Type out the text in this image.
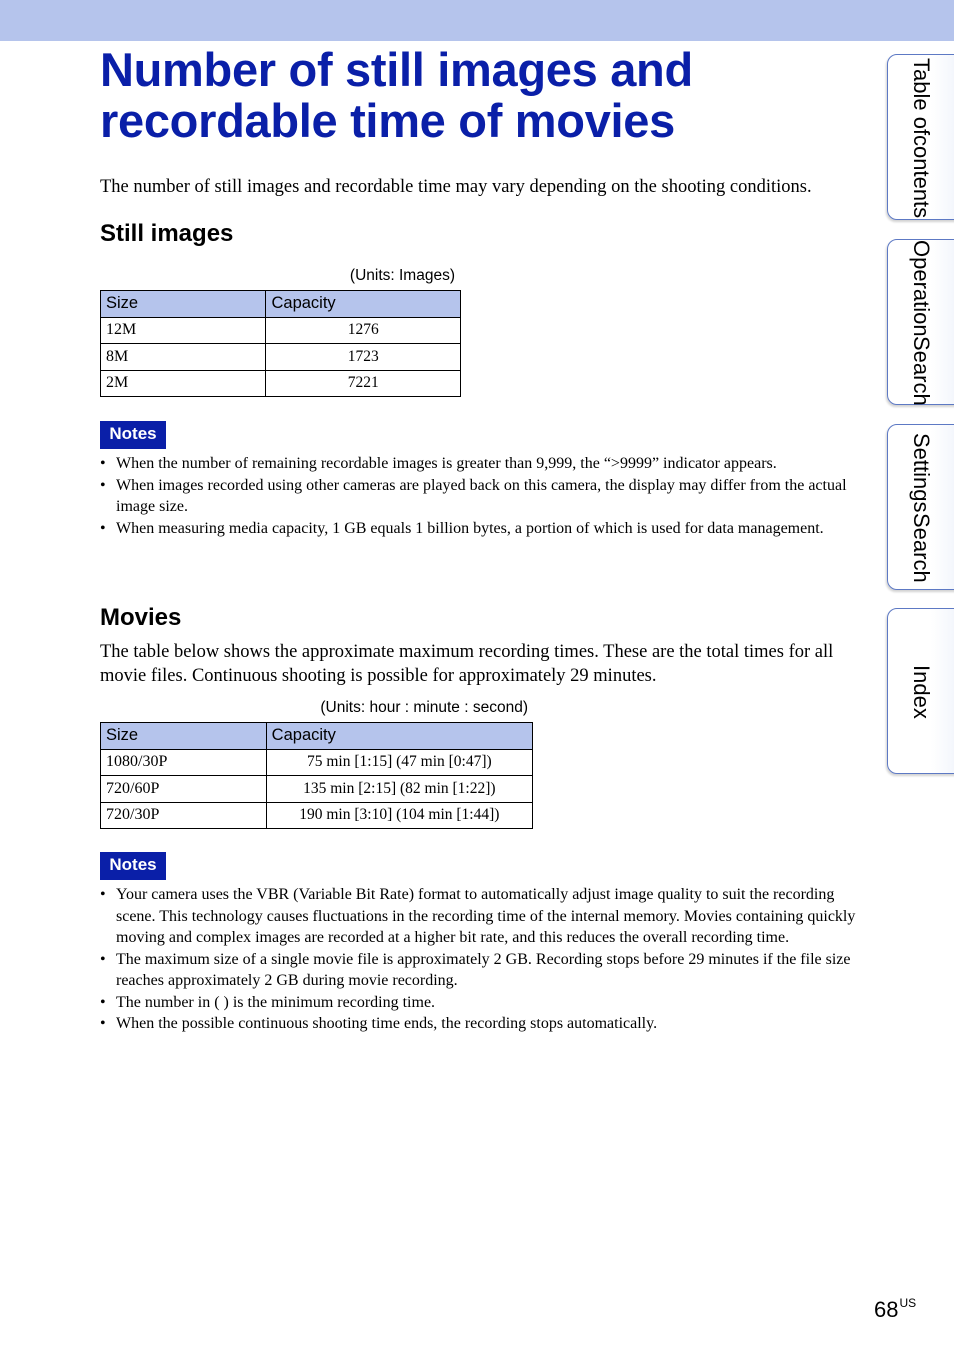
Number of still images and
recordable time of movies

The number of still images and recordable time may vary depending on the shooting conditions.

Still images
(Units: Images)
Size	Capacity
12M	1276
8M	1723
2M	7221
Notes
• When the number of remaining recordable images is greater than 9,999, the “>9999” indicator appears.
• When images recorded using other cameras are played back on this camera, the display may differ from the actual image size.
• When measuring media capacity, 1 GB equals 1 billion bytes, a portion of which is used for data management.
Movies

The table below shows the approximate maximum recording times. These are the total times for all movie files. Continuous shooting is possible for approximately 29 minutes.

(Units: hour : minute : second)
Size	Capacity
1080/30P	75 min [1:15] (47 min [0:47])
720/60P	135 min [2:15] (82 min [1:22])
720/30P	190 min [3:10] (104 min [1:44])
Notes
• Your camera uses the VBR (Variable Bit Rate) format to automatically adjust image quality to suit the recording scene. This technology causes fluctuations in the recording time of the internal memory. Movies containing quickly moving and complex images are recorded at a higher bit rate, and this reduces the overall recording time.
• The maximum size of a single movie file is approximately 2 GB. Recording stops before 29 minutes if the file size reaches approximately 2 GB during movie recording.
• The number in ( ) is the minimum recording time.
• When the possible continuous shooting time ends, the recording stops automatically.
Table of
contents
Operation
Search
Settings
Search
Index
$68^{US}$
